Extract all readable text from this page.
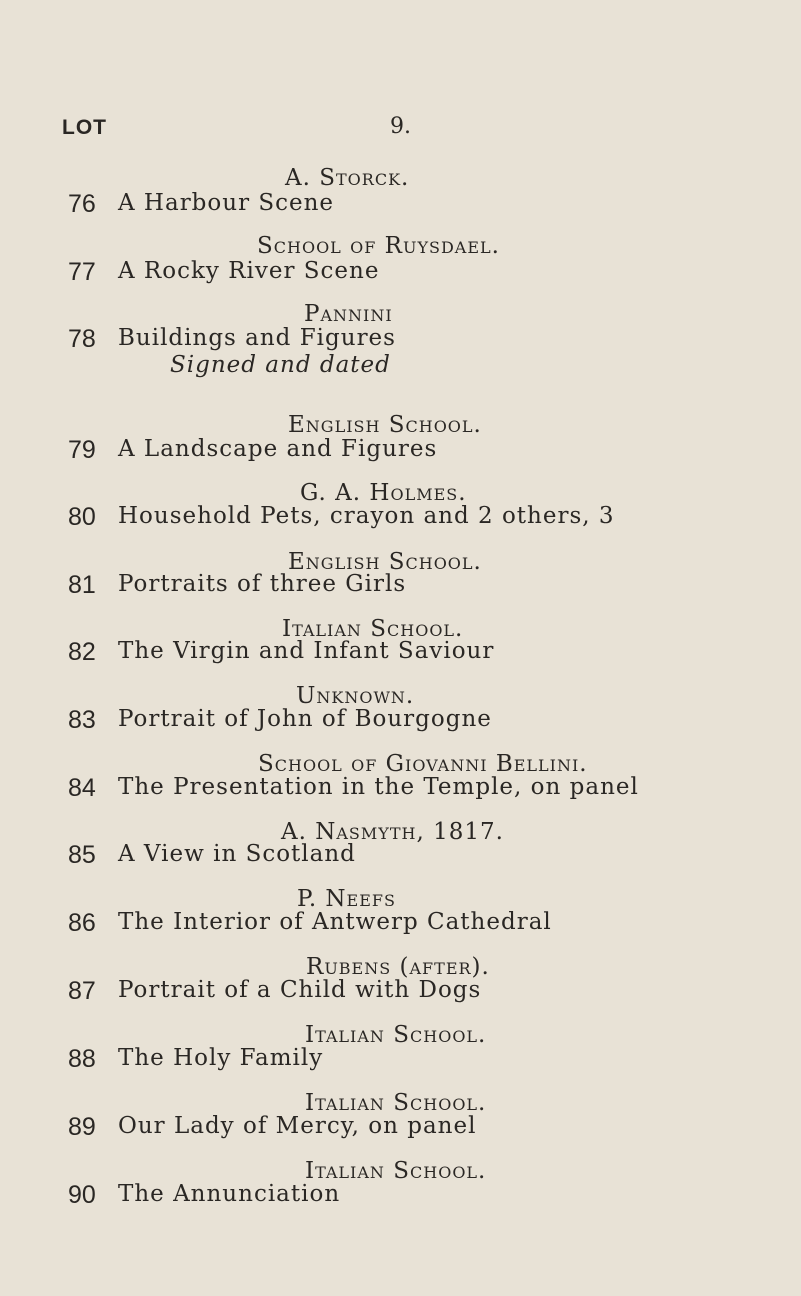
9.
LOT
A. Storck.
76 A Harbour Scene
School of Ruysdael.
77 A Rocky River Scene
Pannini
78 Buildings and Figures
Signed and dated
English School.
79 A Landscape and Figures
G. A. Holmes.
80 Household Pets, crayon and 2 others, 3
English School.
81 Portraits of three Girls
Italian School.
82 The Virgin and Infant Saviour
Unknown.
83 Portrait of John of Bourgogne
School of Giovanni Bellini.
84 The Presentation in the Temple, on panel
A. Nasmyth, 1817.
85 A View in Scotland
P. Neefs
86 The Interior of Antwerp Cathedral
Rubens (after).
87 Portrait of a Child with Dogs
Italian School.
88 The Holy Family
Italian School.
89 Our Lady of Mercy, on panel
Italian School.
90 The Annunciation
